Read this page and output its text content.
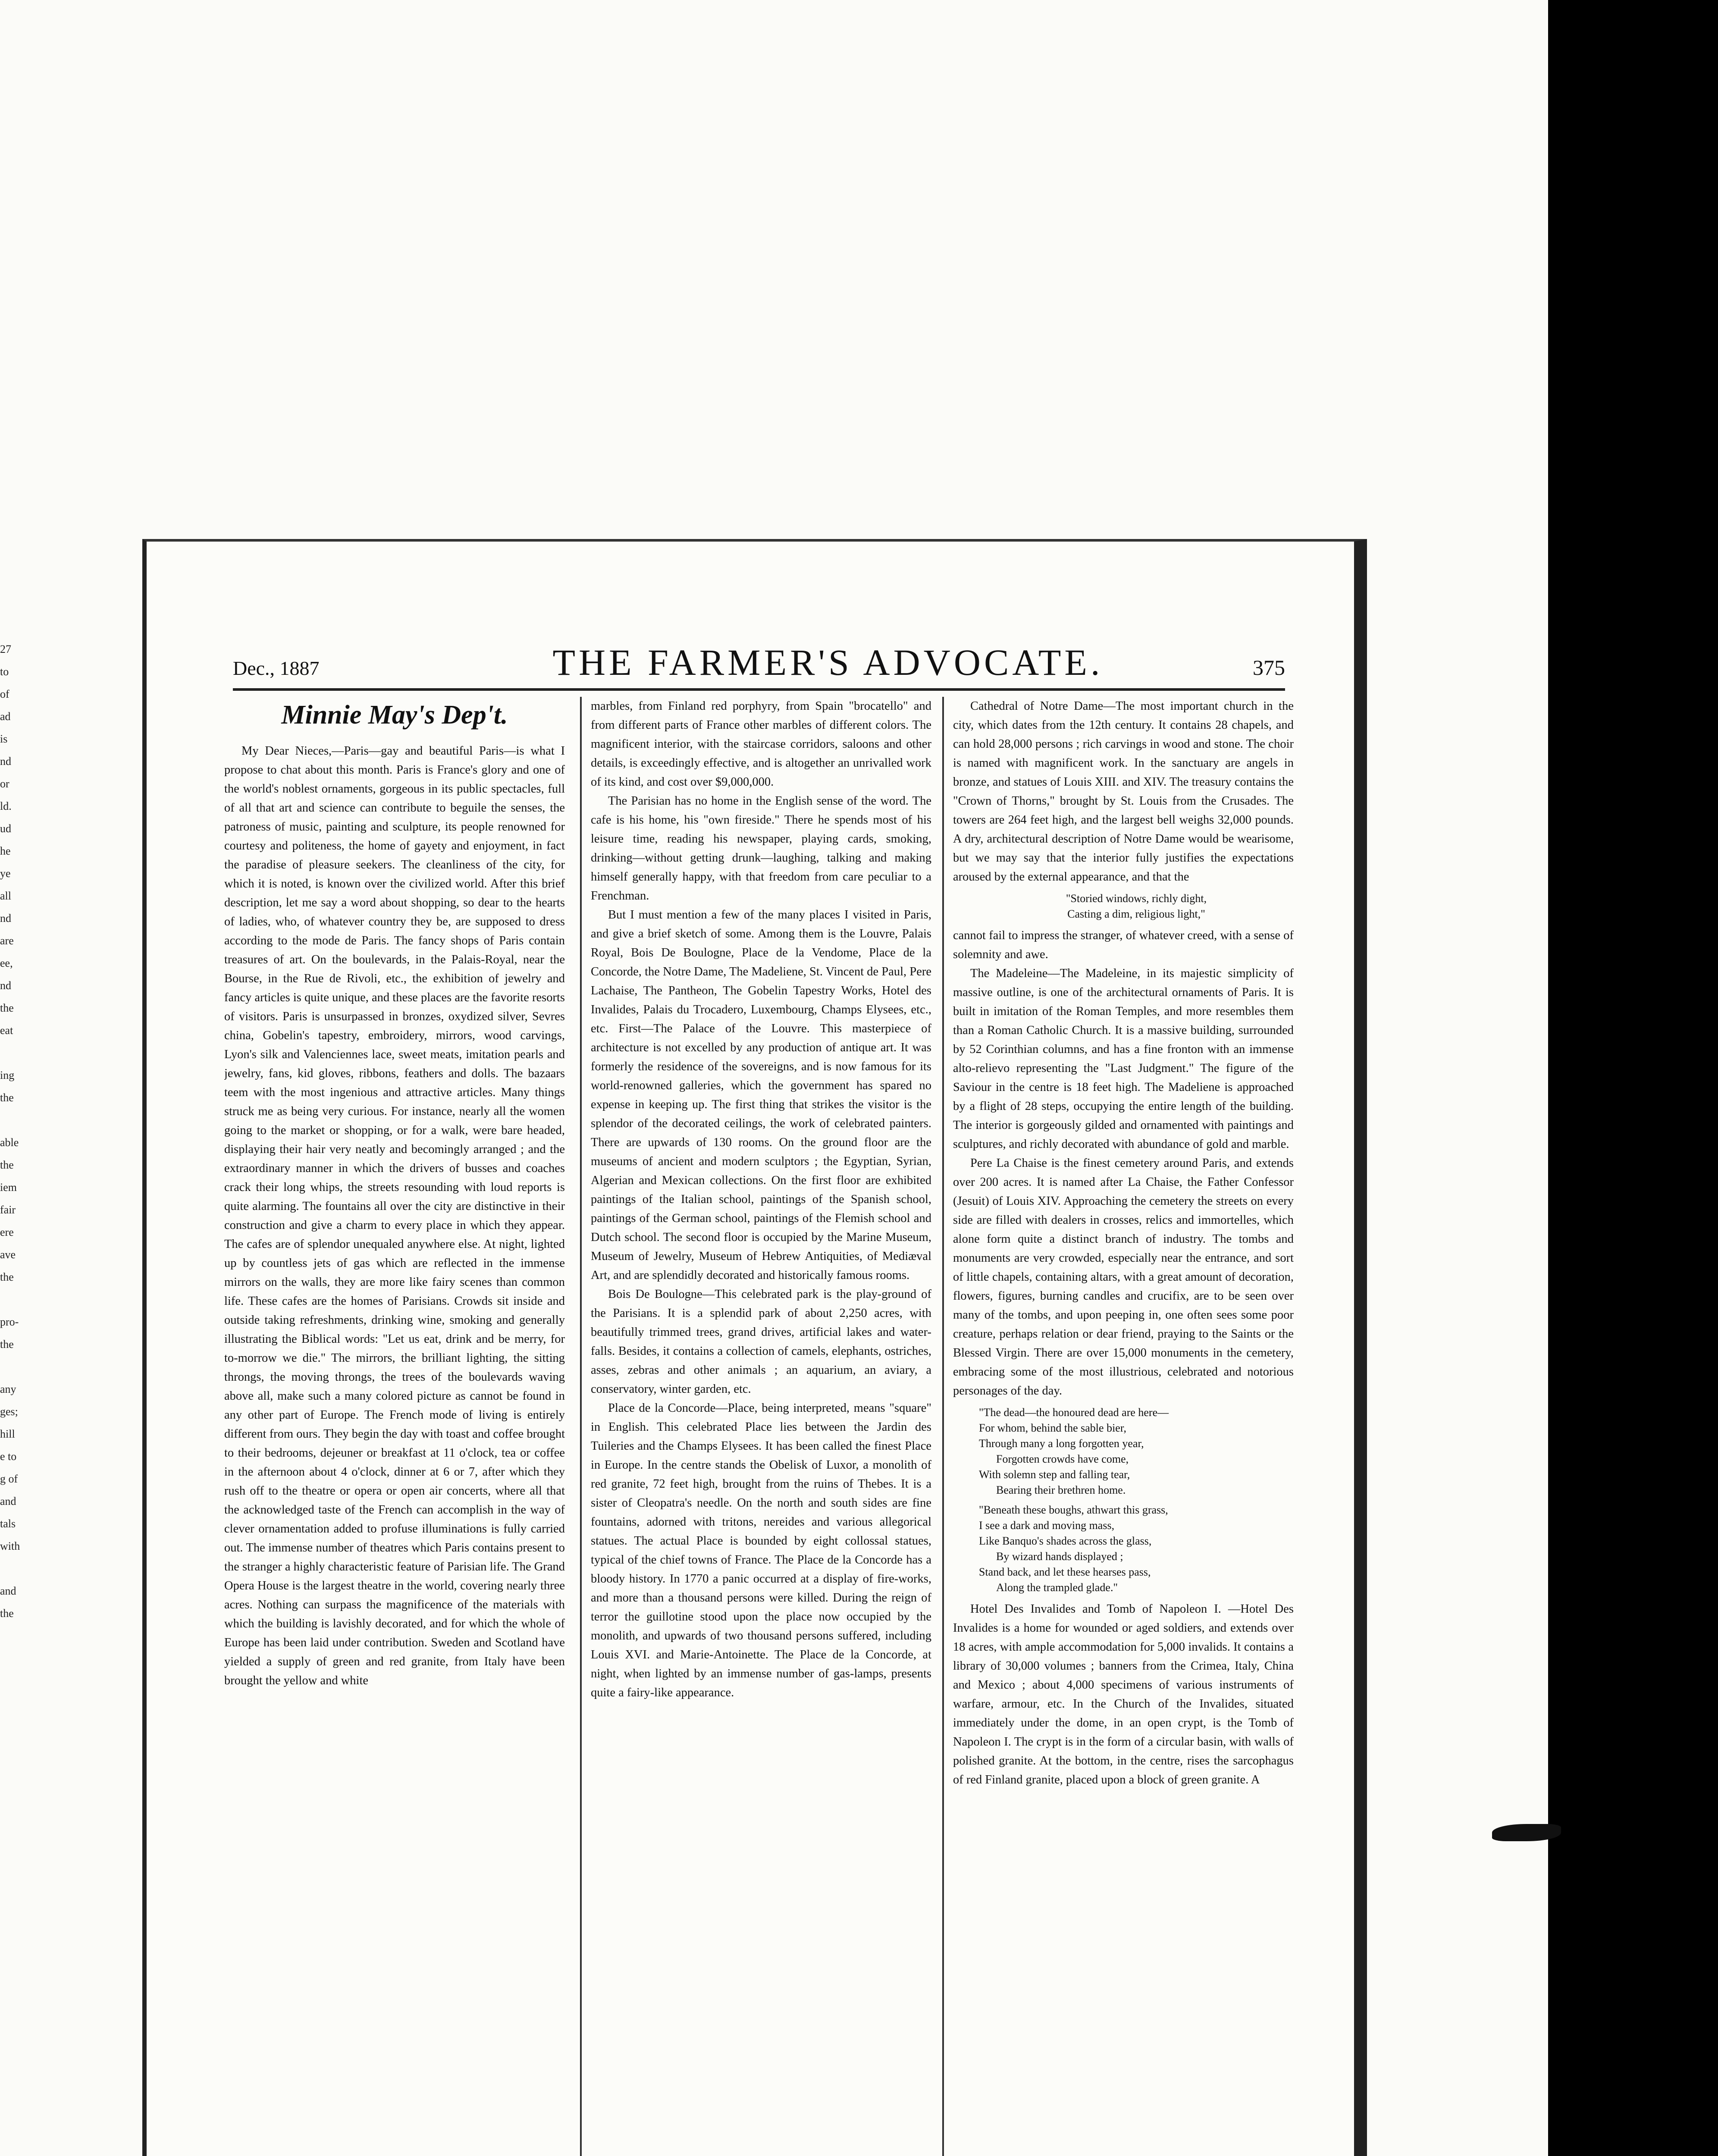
27
to
of
ad
is
nd
or
ld.
ud
he
ye
all
nd
are
ee,
nd
the
eat
ing
the
able
the
iem
fair
ere
ave
the
pro-
the
any
ges;
hill
e to
g of
and
tals
with
and
the
Dec., 1887	THE FARMER'S ADVOCATE.	375

Minnie May's Dep't.

My Dear Nieces,—Paris—gay and beautiful Paris—is what I propose to chat about this month. Paris is France's glory and one of the world's noblest ornaments, gorgeous in its public spectacles, full of all that art and science can contribute to beguile the senses, the patroness of music, painting and sculpture, its people renowned for courtesy and politeness, the home of gayety and enjoyment, in fact the paradise of pleasure seekers. The cleanliness of the city, for which it is noted, is known over the civilized world. After this brief description, let me say a word about shopping, so dear to the hearts of ladies, who, of whatever country they be, are supposed to dress according to the mode de Paris. The fancy shops of Paris contain treasures of art. On the boulevards, in the Palais-Royal, near the Bourse, in the Rue de Rivoli, etc., the exhibition of jewelry and fancy articles is quite unique, and these places are the favorite resorts of visitors. Paris is unsurpassed in bronzes, oxydized silver, Sevres china, Gobelin's tapestry, embroidery, mirrors, wood carvings, Lyon's silk and Valenciennes lace, sweet meats, imitation pearls and jewelry, fans, kid gloves, ribbons, feathers and dolls. The bazaars teem with the most ingenious and attractive articles. Many things struck me as being very curious. For instance, nearly all the women going to the market or shopping, or for a walk, were bare headed, displaying their hair very neatly and becomingly arranged ; and the extraordinary manner in which the drivers of busses and coaches crack their long whips, the streets resounding with loud reports is quite alarming. The fountains all over the city are distinctive in their construction and give a charm to every place in which they appear. The cafes are of splendor unequaled anywhere else. At night, lighted up by countless jets of gas which are reflected in the immense mirrors on the walls, they are more like fairy scenes than common life. These cafes are the homes of Parisians. Crowds sit inside and outside taking refreshments, drinking wine, smoking and generally illustrating the Biblical words: "Let us eat, drink and be merry, for to-morrow we die." The mirrors, the brilliant lighting, the sitting throngs, the moving throngs, the trees of the boulevards waving above all, make such a many colored picture as cannot be found in any other part of Europe. The French mode of living is entirely different from ours. They begin the day with toast and coffee brought to their bedrooms, dejeuner or breakfast at 11 o'clock, tea or coffee in the afternoon about 4 o'clock, dinner at 6 or 7, after which they rush off to the theatre or opera or open air concerts, where all that the acknowledged taste of the French can accomplish in the way of clever ornamentation added to profuse illuminations is fully carried out. The immense number of theatres which Paris contains present to the stranger a highly characteristic feature of Parisian life. The Grand Opera House is the largest theatre in the world, covering nearly three acres. Nothing can surpass the magnificence of the materials with which the building is lavishly decorated, and for which the whole of Europe has been laid under contribution. Sweden and Scotland have yielded a supply of green and red granite, from Italy have been brought the yellow and white

marbles, from Finland red porphyry, from Spain "brocatello" and from different parts of France other marbles of different colors. The magnificent interior, with the staircase corridors, saloons and other details, is exceedingly effective, and is altogether an unrivalled work of its kind, and cost over $9,000,000.

The Parisian has no home in the English sense of the word. The cafe is his home, his "own fireside." There he spends most of his leisure time, reading his newspaper, playing cards, smoking, drinking—without getting drunk—laughing, talking and making himself generally happy, with that freedom from care peculiar to a Frenchman.

But I must mention a few of the many places I visited in Paris, and give a brief sketch of some. Among them is the Louvre, Palais Royal, Bois De Boulogne, Place de la Vendome, Place de la Concorde, the Notre Dame, The Madeliene, St. Vincent de Paul, Pere Lachaise, The Pantheon, The Gobelin Tapestry Works, Hotel des Invalides, Palais du Trocadero, Luxembourg, Champs Elysees, etc., etc. First—The Palace of the Louvre. This masterpiece of architecture is not excelled by any production of antique art. It was formerly the residence of the sovereigns, and is now famous for its world-renowned galleries, which the government has spared no expense in keeping up. The first thing that strikes the visitor is the splendor of the decorated ceilings, the work of celebrated painters. There are upwards of 130 rooms. On the ground floor are the museums of ancient and modern sculptors ; the Egyptian, Syrian, Algerian and Mexican collections. On the first floor are exhibited paintings of the Italian school, paintings of the Spanish school, paintings of the German school, paintings of the Flemish school and Dutch school. The second floor is occupied by the Marine Museum, Museum of Jewelry, Museum of Hebrew Antiquities, of Mediæval Art, and are splendidly decorated and historically famous rooms.

Bois De Boulogne—This celebrated park is the play-ground of the Parisians. It is a splendid park of about 2,250 acres, with beautifully trimmed trees, grand drives, artificial lakes and water-falls. Besides, it contains a collection of camels, elephants, ostriches, asses, zebras and other animals ; an aquarium, an aviary, a conservatory, winter garden, etc.

Place de la Concorde—Place, being interpreted, means "square" in English. This celebrated Place lies between the Jardin des Tuileries and the Champs Elysees. It has been called the finest Place in Europe. In the centre stands the Obelisk of Luxor, a monolith of red granite, 72 feet high, brought from the ruins of Thebes. It is a sister of Cleopatra's needle. On the north and south sides are fine fountains, adorned with tritons, nereides and various allegorical statues. The actual Place is bounded by eight collossal statues, typical of the chief towns of France. The Place de la Concorde has a bloody history. In 1770 a panic occurred at a display of fire-works, and more than a thousand persons were killed. During the reign of terror the guillotine stood upon the place now occupied by the monolith, and upwards of two thousand persons suffered, including Louis XVI. and Marie-Antoinette. The Place de la Concorde, at night, when lighted by an immense number of gas-lamps, presents quite a fairy-like appearance.

Cathedral of Notre Dame—The most important church in the city, which dates from the 12th century. It contains 28 chapels, and can hold 28,000 persons ; rich carvings in wood and stone. The choir is named with magnificent work. In the sanctuary are angels in bronze, and statues of Louis XIII. and XIV. The treasury contains the "Crown of Thorns," brought by St. Louis from the Crusades. The towers are 264 feet high, and the largest bell weighs 32,000 pounds. A dry, architectural description of Notre Dame would be wearisome, but we may say that the interior fully justifies the expectations aroused by the external appearance, and that the

"Storied windows, richly dight,
Casting a dim, religious light,"

cannot fail to impress the stranger, of whatever creed, with a sense of solemnity and awe.

The Madeleine—The Madeleine, in its majestic simplicity of massive outline, is one of the architectural ornaments of Paris. It is built in imitation of the Roman Temples, and more resembles them than a Roman Catholic Church. It is a massive building, surrounded by 52 Corinthian columns, and has a fine fronton with an immense alto-relievo representing the "Last Judgment." The figure of the Saviour in the centre is 18 feet high. The Madeliene is approached by a flight of 28 steps, occupying the entire length of the building. The interior is gorgeously gilded and ornamented with paintings and sculptures, and richly decorated with abundance of gold and marble.

Pere La Chaise is the finest cemetery around Paris, and extends over 200 acres. It is named after La Chaise, the Father Confessor (Jesuit) of Louis XIV. Approaching the cemetery the streets on every side are filled with dealers in crosses, relics and immortelles, which alone form quite a distinct branch of industry. The tombs and monuments are very crowded, especially near the entrance, and sort of little chapels, containing altars, with a great amount of decoration, flowers, figures, burning candles and crucifix, are to be seen over many of the tombs, and upon peeping in, one often sees some poor creature, perhaps relation or dear friend, praying to the Saints or the Blessed Virgin. There are over 15,000 monuments in the cemetery, embracing some of the most illustrious, celebrated and notorious personages of the day.

"The dead—the honoured dead are here—
For whom, behind the sable bier,
Through many a long forgotten year,
Forgotten crowds have come,
With solemn step and falling tear,
Bearing their brethren home.
"Beneath these boughs, athwart this grass,
I see a dark and moving mass,
Like Banquo's shades across the glass,
By wizard hands displayed ;
Stand back, and let these hearses pass,
Along the trampled glade."

Hotel Des Invalides and Tomb of Napoleon I. —Hotel Des Invalides is a home for wounded or aged soldiers, and extends over 18 acres, with ample accommodation for 5,000 invalids. It contains a library of 30,000 volumes ; banners from the Crimea, Italy, China and Mexico ; about 4,000 specimens of various instruments of warfare, armour, etc. In the Church of the Invalides, situated immediately under the dome, in an open crypt, is the Tomb of Napoleon I. The crypt is in the form of a circular basin, with walls of polished granite. At the bottom, in the centre, rises the sarcophagus of red Finland granite, placed upon a block of green granite. A
